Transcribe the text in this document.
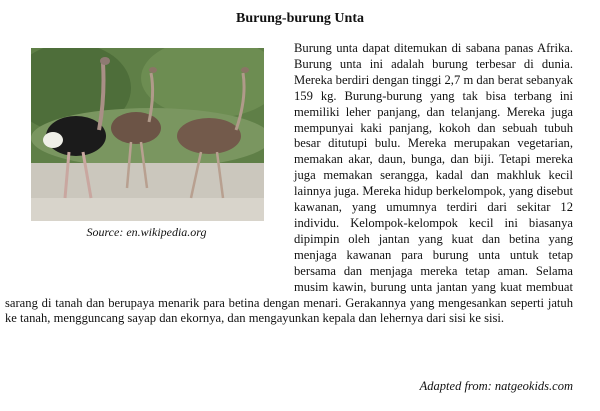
Burung-burung Unta
Source: en.wikipedia.org
Burung unta dapat ditemukan di sabana panas Afrika. Burung unta ini adalah burung terbesar di dunia. Mereka berdiri dengan tinggi 2,7 m dan berat sebanyak 159 kg. Burung-burung yang tak bisa terbang ini memiliki leher panjang, dan telanjang. Mereka juga mempunyai kaki panjang, kokoh dan sebuah tubuh besar ditutupi bulu. Mereka merupakan vegetarian, memakan akar, daun, bunga, dan biji. Tetapi mereka juga memakan serangga, kadal dan makhluk kecil lainnya juga. Mereka hidup berkelompok, yang disebut kawanan, yang umumnya terdiri dari sekitar 12 individu. Kelompok-kelompok kecil ini biasanya dipimpin oleh jantan yang kuat dan betina yang menjaga kawanan para burung unta untuk tetap bersama dan menjaga mereka tetap aman. Selama musim kawin, burung unta jantan yang kuat membuat sarang di tanah dan berupaya menarik para betina dengan menari. Gerakannya yang mengesankan seperti jatuh ke tanah, mengguncang sayap dan ekornya, dan mengayunkan kepala dan lehernya dari sisi ke sisi.
Adapted from: natgeokids.com
